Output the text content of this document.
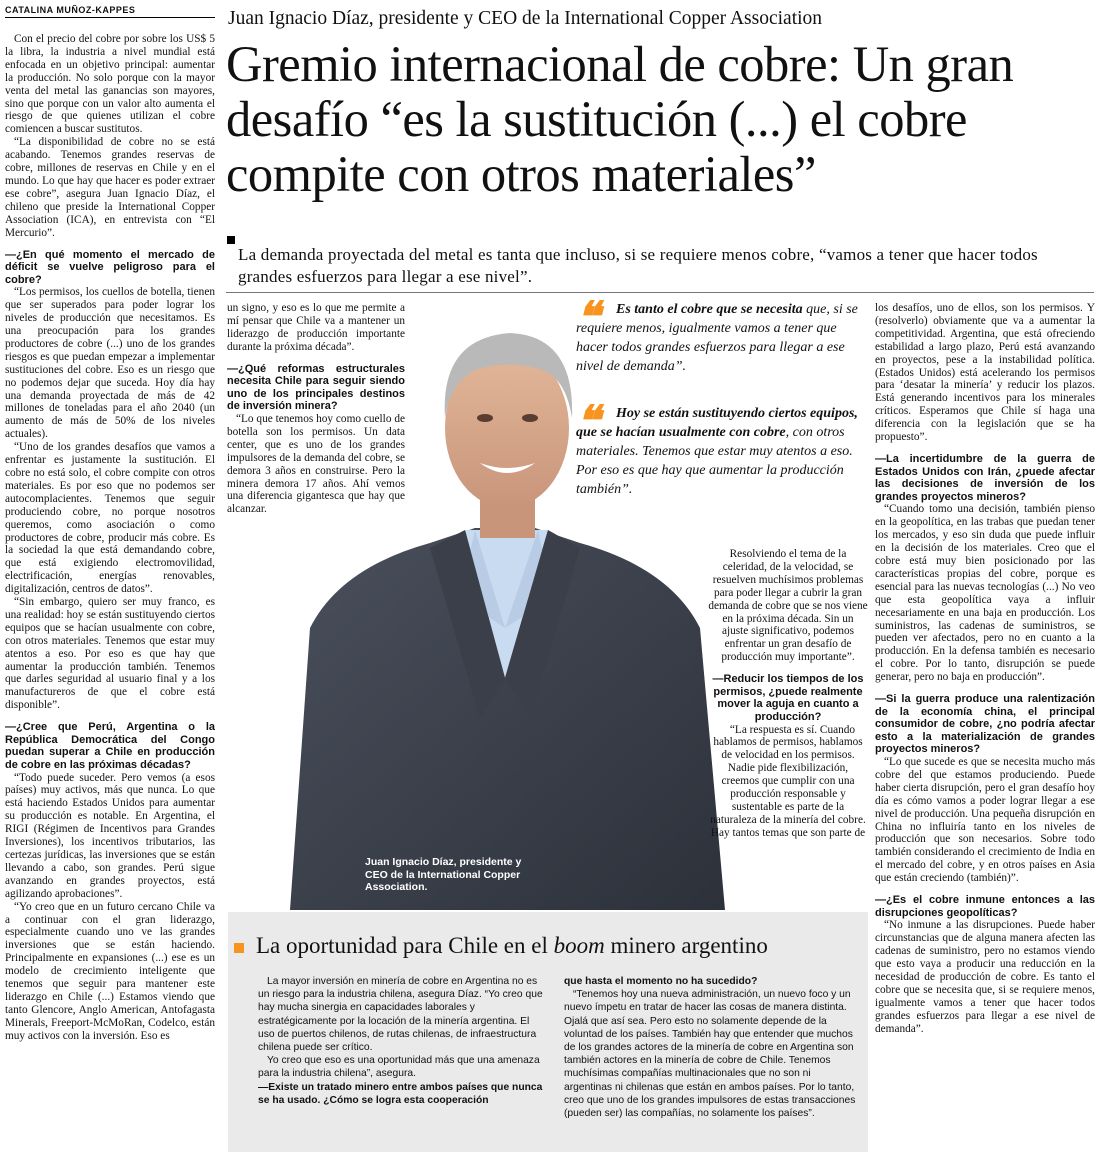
CATALINA MUÑOZ-KAPPES	Juan Ignacio Díaz, presidente y CEO de la International Copper Association
Gremio internacional de cobre: Un gran desafío “es la sustitución (...) el cobre compite con otros materiales”
La demanda proyectada del metal es tanta que incluso, si se requiere menos cobre, “vamos a tener que hacer todos grandes esfuerzos para llegar a ese nivel”.

Con el precio del cobre por sobre los US$ 5 la libra, la industria a nivel mundial está enfocada en un objetivo principal: aumentar la producción. No solo porque con la mayor venta del metal las ganancias son mayores, sino que porque con un valor alto aumenta el riesgo de que quienes utilizan el cobre comiencen a buscar sustitutos.

“La disponibilidad de cobre no se está acabando. Tenemos grandes reservas de cobre, millones de reservas en Chile y en el mundo. Lo que hay que hacer es poder extraer ese cobre”, asegura Juan Ignacio Díaz, el chileno que preside la International Copper Association (ICA), en entrevista con “El Mercurio”.

—¿En qué momento el mercado de déficit se vuelve peligroso para el cobre?

“Los permisos, los cuellos de botella, tienen que ser superados para poder lograr los niveles de producción que necesitamos. Es una preocupación para los grandes productores de cobre (...) uno de los grandes riesgos es que puedan empezar a implementar sustituciones del cobre. Eso es un riesgo que no podemos dejar que suceda. Hoy día hay una demanda proyectada de más de 42 millones de toneladas para el año 2040 (un aumento de más de 50% de los niveles actuales).

“Uno de los grandes desafíos que vamos a enfrentar es justamente la sustitución. El cobre no está solo, el cobre compite con otros materiales. Es por eso que no podemos ser autocomplacientes. Tenemos que seguir produciendo cobre, no porque nosotros queremos, como asociación o como productores de cobre, producir más cobre. Es la sociedad la que está demandando cobre, que está exigiendo electromovilidad, electrificación, energías renovables, digitalización, centros de datos”.

“Sin embargo, quiero ser muy franco, es una realidad: hoy se están sustituyendo ciertos equipos que se hacían usualmente con cobre, con otros materiales. Tenemos que estar muy atentos a eso. Por eso es que hay que aumentar la producción también. Tenemos que darles seguridad al usuario final y a los manufactureros de que el cobre está disponible”.

—¿Cree que Perú, Argentina o la República Democrática del Congo puedan superar a Chile en producción de cobre en las próximas décadas?

“Todo puede suceder. Pero vemos (a esos países) muy activos, más que nunca. Lo que está haciendo Estados Unidos para aumentar su producción es notable. En Argentina, el RIGI (Régimen de Incentivos para Grandes Inversiones), los incentivos tributarios, las certezas jurídicas, las inversiones que se están llevando a cabo, son grandes. Perú sigue avanzando en grandes proyectos, está agilizando aprobaciones”.

“Yo creo que en un futuro cercano Chile va a continuar con el gran liderazgo, especialmente cuando uno ve las grandes inversiones que se están haciendo. Principalmente en expansiones (...) ese es un modelo de crecimiento inteligente que tenemos que seguir para mantener este liderazgo en Chile (...) Estamos viendo que tanto Glencore, Anglo American, Antofagasta Minerals, Freeport-McMoRan, Codelco, están muy activos con la inversión. Eso es

un signo, y eso es lo que me permite a mí pensar que Chile va a mantener un liderazgo de producción importante durante la próxima década”.

—¿Qué reformas estructurales necesita Chile para seguir siendo uno de los principales destinos de inversión minera?

“Lo que tenemos hoy como cuello de botella son los permisos. Un data center, que es uno de los grandes impulsores de la demanda del cobre, se demora 3 años en construirse. Pero la minera demora 17 años. Ahí vemos una diferencia gigantesca que hay que alcanzar.

Juan Ignacio Díaz, presidente y CEO de la International Copper Association.
❝	Es tanto el cobre que se necesita que, si se requiere menos, igualmente vamos a tener que hacer todos grandes esfuerzos para llegar a ese nivel de demanda”.

❝	Hoy se están sustituyendo ciertos equipos, que se hacían usualmente con cobre, con otros materiales. Tenemos que estar muy atentos a eso. Por eso es que hay que aumentar la producción también”.

Resolviendo el tema de la celeridad, de la velocidad, se resuelven muchísimos problemas para poder llegar a cubrir la gran demanda de cobre que se nos viene en la próxima década. Sin un ajuste significativo, podemos enfrentar un gran desafío de producción muy importante”.

—Reducir los tiempos de los permisos, ¿puede realmente mover la aguja en cuanto a producción?

“La respuesta es sí. Cuando hablamos de permisos, hablamos de velocidad en los permisos. Nadie pide flexibilización, creemos que cumplir con una producción responsable y sustentable es parte de la naturaleza de la minería del cobre. Hay tantos temas que son parte de

los desafíos, uno de ellos, son los permisos. Y (resolverlo) obviamente que va a aumentar la competitividad. Argentina, que está ofreciendo estabilidad a largo plazo, Perú está avanzando en proyectos, pese a la instabilidad política. (Estados Unidos) está acelerando los permisos para ‘desatar la minería’ y reducir los plazos. Está generando incentivos para los minerales críticos. Esperamos que Chile sí haga una diferencia con la legislación que se ha propuesto”.

—La incertidumbre de la guerra de Estados Unidos con Irán, ¿puede afectar las decisiones de inversión de los grandes proyectos mineros?

“Cuando tomo una decisión, también pienso en la geopolítica, en las trabas que puedan tener los mercados, y eso sin duda que puede influir en la decisión de los materiales. Creo que el cobre está muy bien posicionado por las características propias del cobre, porque es esencial para las nuevas tecnologías (...) No veo que esta geopolítica vaya a influir necesariamente en una baja en producción. Los suministros, las cadenas de suministros, se pueden ver afectados, pero no en cuanto a la producción. En la defensa también es necesario el cobre. Por lo tanto, disrupción se puede generar, pero no baja en producción”.

—Si la guerra produce una ralentización de la economía china, el principal consumidor de cobre, ¿no podría afectar esto a la materialización de grandes proyectos mineros?

“Lo que sucede es que se necesita mucho más cobre del que estamos produciendo. Puede haber cierta disrupción, pero el gran desafío hoy día es cómo vamos a poder lograr llegar a ese nivel de producción. Una pequeña disrupción en China no influiría tanto en los niveles de producción que son necesarios. Sobre todo también considerando el crecimiento de India en el mercado del cobre, y en otros países en Asia que están creciendo (también)”.

—¿Es el cobre inmune entonces a las disrupciones geopolíticas?

“No inmune a las disrupciones. Puede haber circunstancias que de alguna manera afecten las cadenas de suministro, pero no estamos viendo que esto vaya a producir una reducción en la necesidad de producción de cobre. Es tanto el cobre que se necesita que, si se requiere menos, igualmente vamos a tener que hacer todos grandes esfuerzos para llegar a ese nivel de demanda”.

La oportunidad para Chile en el boom minero argentino

La mayor inversión en minería de cobre en Argentina no es un riesgo para la industria chilena, asegura Díaz. “Yo creo que hay mucha sinergia en capacidades laborales y estratégicamente por la locación de la minería argentina. El uso de puertos chilenos, de rutas chilenas, de infraestructura chilena puede ser crítico.

Yo creo que eso es una oportunidad más que una amenaza para la industria chilena”, asegura.

—Existe un tratado minero entre ambos países que nunca se ha usado. ¿Cómo se logra esta cooperación

que hasta el momento no ha sucedido?

“Tenemos hoy una nueva administración, un nuevo foco y un nuevo ímpetu en tratar de hacer las cosas de manera distinta. Ojalá que así sea. Pero esto no solamente depende de la voluntad de los países. También hay que entender que muchos de los grandes actores de la minería de cobre en Argentina son también actores en la minería de cobre de Chile. Tenemos muchísimas compañías multinacionales que no son ni argentinas ni chilenas que están en ambos países. Por lo tanto, creo que uno de los grandes impulsores de estas transacciones (pueden ser) las compañías, no solamente los países”.
